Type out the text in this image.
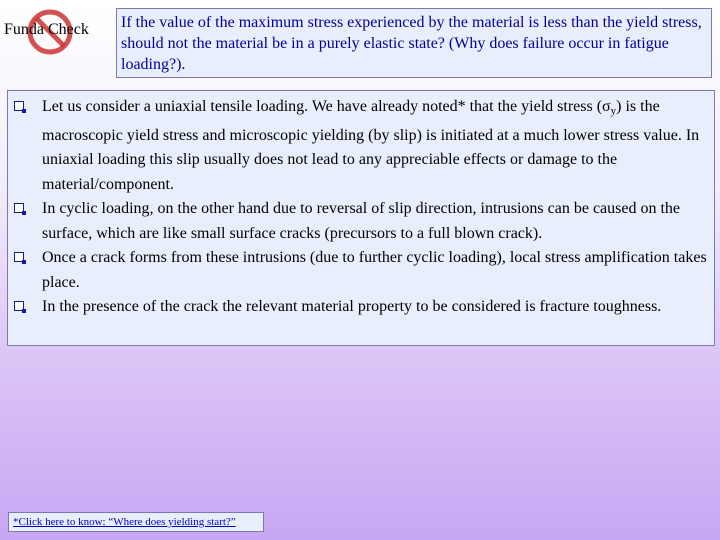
Funda Check	If the value of the maximum stress experienced by the material is less than the yield stress, should not the material be in a purely elastic state? (Why does failure occur in fatigue loading?).
Let us consider a uniaxial tensile loading. We have already noted* that the yield stress $(\sigma_y)$ is the macroscopic yield stress and microscopic yielding (by slip) is initiated at a much lower stress value. In uniaxial loading this slip usually does not lead to any appreciable effects or damage to the material/component.
In cyclic loading, on the other hand due to reversal of slip direction, intrusions can be caused on the surface, which are like small surface cracks (precursors to a full blown crack).
Once a crack forms from these intrusions (due to further cyclic loading), local stress amplification takes place.
In the presence of the crack the relevant material property to be considered is fracture toughness.
*Click here to know: “Where does yielding start?”
